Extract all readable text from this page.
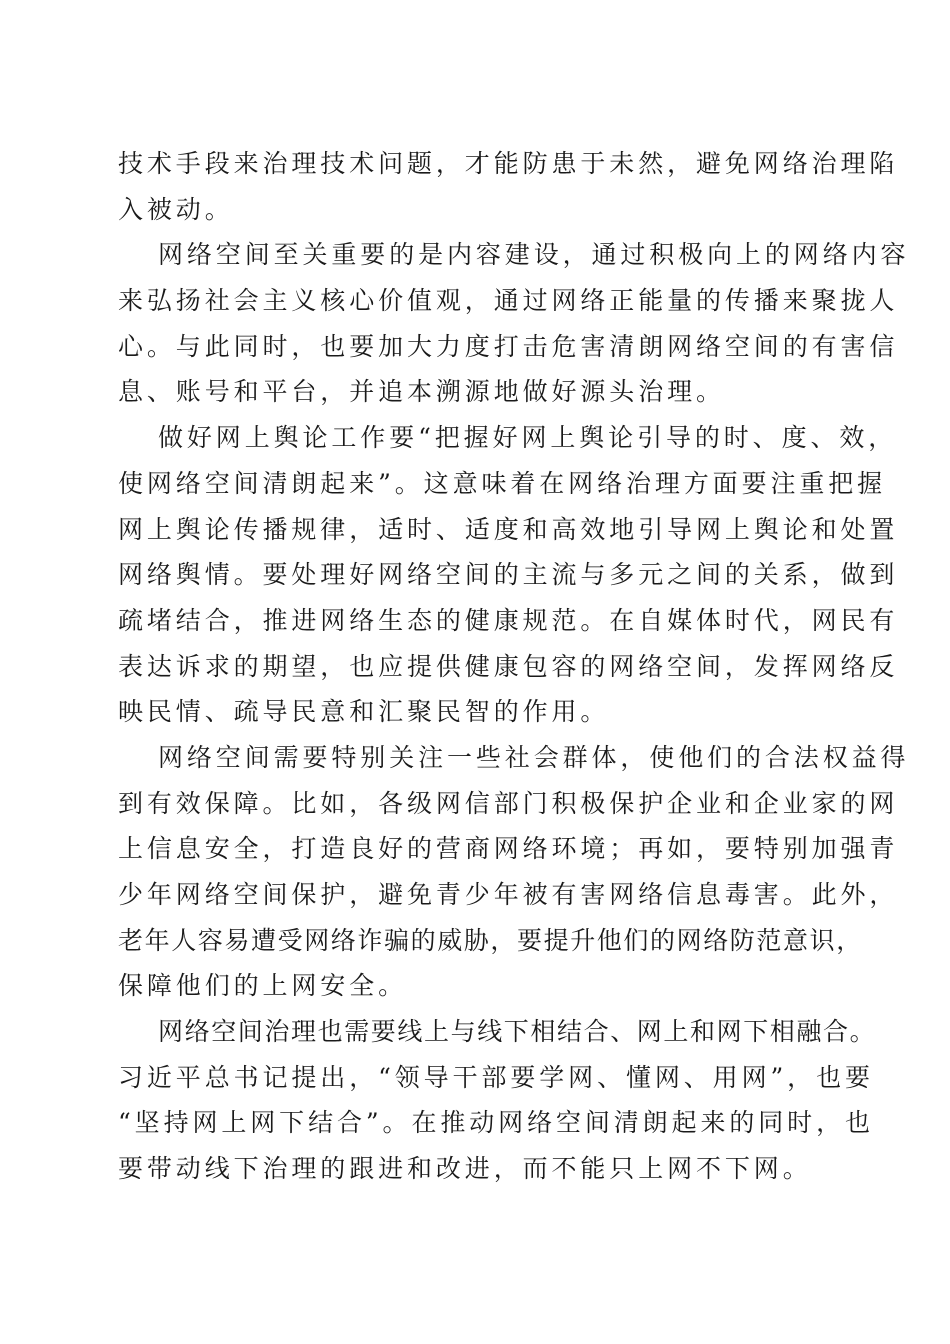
技术手段来治理技术问题，才能防患于未然，避免网络治理陷
入被动。
网络空间至关重要的是内容建设，通过积极向上的网络内容
来弘扬社会主义核心价值观，通过网络正能量的传播来聚拢人
心。与此同时，也要加大力度打击危害清朗网络空间的有害信
息、账号和平台，并追本溯源地做好源头治理。
做好网上舆论工作要“把握好网上舆论引导的时、度、效，
使网络空间清朗起来”。这意味着在网络治理方面要注重把握
网上舆论传播规律，适时、适度和高效地引导网上舆论和处置
网络舆情。要处理好网络空间的主流与多元之间的关系，做到
疏堵结合，推进网络生态的健康规范。在自媒体时代，网民有
表达诉求的期望，也应提供健康包容的网络空间，发挥网络反
映民情、疏导民意和汇聚民智的作用。
网络空间需要特别关注一些社会群体，使他们的合法权益得
到有效保障。比如，各级网信部门积极保护企业和企业家的网
上信息安全，打造良好的营商网络环境；再如，要特别加强青
少年网络空间保护，避免青少年被有害网络信息毒害。此外，
老年人容易遭受网络诈骗的威胁，要提升他们的网络防范意识，
保障他们的上网安全。
网络空间治理也需要线上与线下相结合、网上和网下相融合。
习近平总书记提出，“领导干部要学网、懂网、用网”，也要
“坚持网上网下结合”。在推动网络空间清朗起来的同时，也
要带动线下治理的跟进和改进，而不能只上网不下网。
